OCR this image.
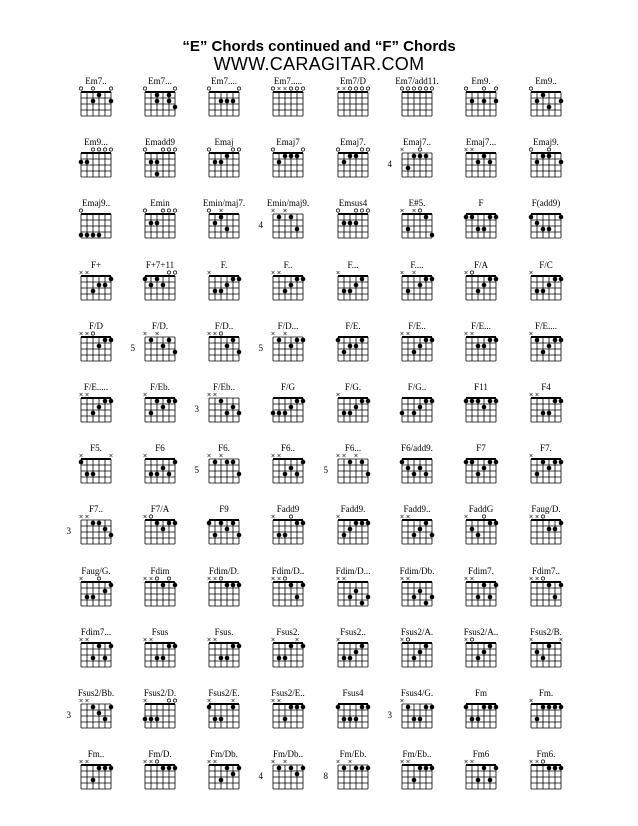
“E” Chords continued and “F” Chords
WWW.CARAGITAR.COM
Em7..	Em7...	Em7....	Em7.....
× ×
Em7/D
× ×
Em7/add11.	Em9.	Em9..
Em9...	Emadd9	Emaj	Emaj7	Emaj7.	Emaj7..
4
×
Emaj7...
× ×
Emaj9.
Emaj9..	Emin	Emin/maj7.
×
Emin/maj9.
4
× ×
Emsus4	E#5.
× ×
F	F(add9)
F+
× ×
F+7+11	F.
×
F..
× ×
F...
×
F....
× ×
F/A
×
F/C
×
F/D
× ×
F/D.
5
× ×
F/D..
× ×
F/D...
5
× ×
F/E.	F/E..
× ×
F/E...
× ×
F/E....
×
F/E.....
× ×
F/Eb.
×
F/Eb..
3
× ×
F/G	F/G.
×
F/G..	F11	F4
× ×
F5.
×	×
F6
×
F6.
5
× ×
F6..
× ×
F6...
5
× × ×
F6/add9.	F7	F7.
×
F7..
3
× ×
F7/A
×
F9	Fadd9
×
Fadd9.
×
Fadd9..
× ×
FaddG
×
Faug/D.
× ×
Faug/G.
×
Fdim
× ×
Fdim/D.
× ×
Fdim/D..
× ×
Fdim/D...
× ×
Fdim/Db.
× ×
Fdim7.
× ×
Fdim7..
× ×
Fdim7...
× ×
Fsus
× ×
Fsus.
× ×
Fsus2.
×	×
Fsus2..
×
Fsus2/A.
×
Fsus2/A..
×
Fsus2/B.
×	×
Fsus2/Bb.
3
× ×
Fsus2/D.
×
Fsus2/E.
×	×
Fsus2/E..
× ×
Fsus4	Fsus4/G.
3
×
Fm	Fm.
×
Fm..
× ×
Fm/D.
× ×
Fm/Db.
× ×
Fm/Db..
4
× ×
Fm/Eb.
8
× ×
Fm/Eb..
× ×
Fm6
× ×
Fm6.
× ×
